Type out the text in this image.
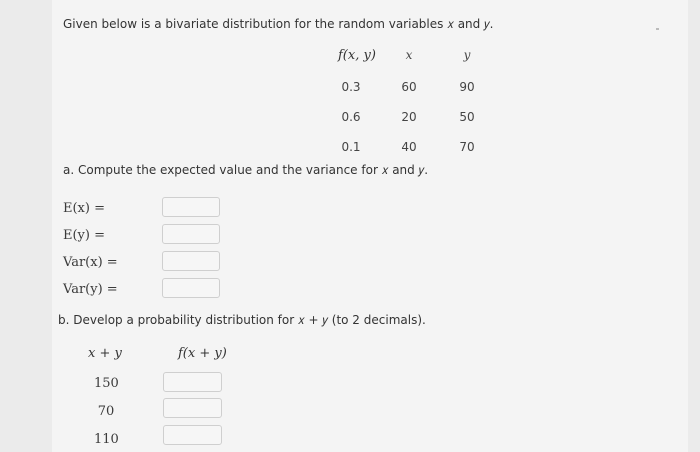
Given below is a bivariate distribution for the random variables 𝑥 and 𝑦.
f(x, y)	x	y
0.3	60	90
0.6	20	50
0.1	40	70
a. Compute the expected value and the variance for 𝑥 and 𝑦.
E(x) =
E(y) =
Var(x) =
Var(y) =
b. Develop a probability distribution for 𝑥 + 𝑦 (to 2 decimals).
x + y	f(x + y)
150
70
110
